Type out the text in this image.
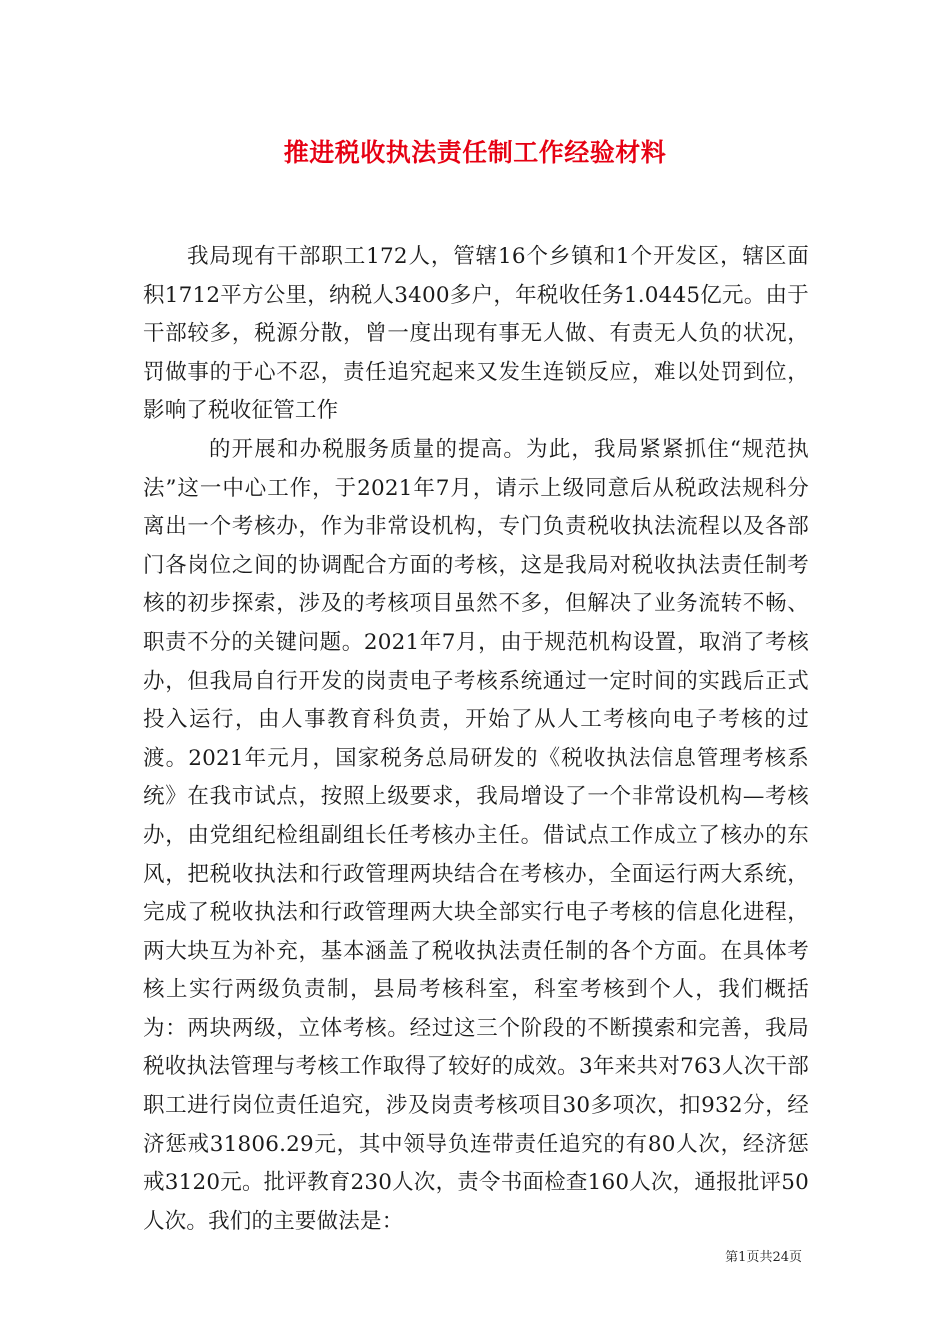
推进税收执法责任制工作经验材料

我局现有干部职工172人，管辖16个乡镇和1个开发区，辖区面积1712平方公里，纳税人3400多户，年税收任务1.0445亿元。由于干部较多，税源分散，曾一度出现有事无人做、有责无人负的状况，罚做事的于心不忍，责任追究起来又发生连锁反应，难以处罚到位，影响了税收征管工作

的开展和办税服务质量的提高。为此，我局紧紧抓住“规范执法”这一中心工作，于2021年7月，请示上级同意后从税政法规科分离出一个考核办，作为非常设机构，专门负责税收执法流程以及各部门各岗位之间的协调配合方面的考核，这是我局对税收执法责任制考核的初步探索，涉及的考核项目虽然不多，但解决了业务流转不畅、职责不分的关键问题。2021年7月，由于规范机构设置，取消了考核办，但我局自行开发的岗责电子考核系统通过一定时间的实践后正式投入运行，由人事教育科负责，开始了从人工考核向电子考核的过渡。2021年元月，国家税务总局研发的《税收执法信息管理考核系统》在我市试点，按照上级要求，我局增设了一个非常设机构—考核办，由党组纪检组副组长任考核办主任。借试点工作成立了核办的东风，把税收执法和行政管理两块结合在考核办，全面运行两大系统，完成了税收执法和行政管理两大块全部实行电子考核的信息化进程，两大块互为补充，基本涵盖了税收执法责任制的各个方面。在具体考核上实行两级负责制，县局考核科室，科室考核到个人，我们概括为：两块两级，立体考核。经过这三个阶段的不断摸索和完善，我局税收执法管理与考核工作取得了较好的成效。3年来共对763人次干部职工进行岗位责任追究，涉及岗责考核项目30多项次，扣932分，经济惩戒31806.29元，其中领导负连带责任追究的有80人次，经济惩戒3120元。批评教育230人次，责令书面检查160人次，通报批评50人次。我们的主要做法是：

第1页共24页
